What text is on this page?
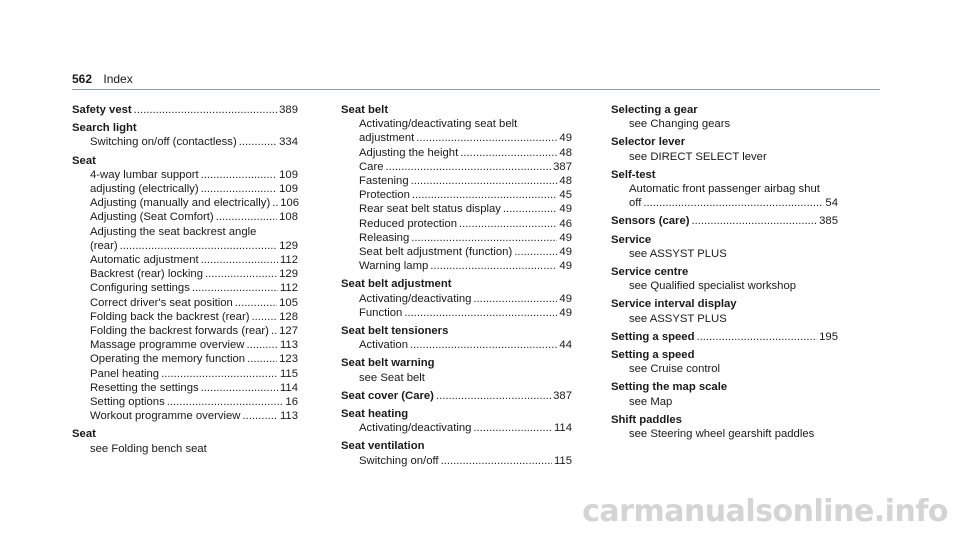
562 Index
Safety vest .....	389
Search light
Switching on/off (contactless) .....	334
Seat
4-way lumbar support .....	109
adjusting (electrically) .....	109
Adjusting (manually and electrically) ..... 106
Adjusting (Seat Comfort) .....	108
Adjusting the seat backrest angle
(rear) .....	129
Automatic adjustment .....	112
Backrest (rear) locking .....	129
Configuring settings .....	112
Correct driver's seat position .....	105
Folding back the backrest (rear) .....	128
Folding the backrest forwards (rear) ..... 127
Massage programme overview .....	113
Operating the memory function .....	123
Panel heating .....	115
Resetting the settings .....	114
Setting options .....	16
Workout programme overview .....	113
Seat
see Folding bench seat
Seat belt
Activating/deactivating seat belt
adjustment .....	49
Adjusting the height .....	48
Care .....	387
Fastening .....	48
Protection .....	45
Rear seat belt status display .....	49
Reduced protection .....	46
Releasing .....	49
Seat belt adjustment (function) .....	49
Warning lamp .....	49
Seat belt adjustment
Activating/deactivating .....	49
Function .....	49
Seat belt tensioners
Activation .....	44
Seat belt warning
see Seat belt
Seat cover (Care) .....	387
Seat heating
Activating/deactivating .....	114
Seat ventilation
Switching on/off .....	115
Selecting a gear
see Changing gears
Selector lever
see DIRECT SELECT lever
Self-test
Automatic front passenger airbag shut
off .....	54
Sensors (care) .....	385
Service
see ASSYST PLUS
Service centre
see Qualified specialist workshop
Service interval display
see ASSYST PLUS
Setting a speed .....	195
Setting a speed
see Cruise control
Setting the map scale
see Map
Shift paddles
see Steering wheel gearshift paddles
carmanualsonline.info
